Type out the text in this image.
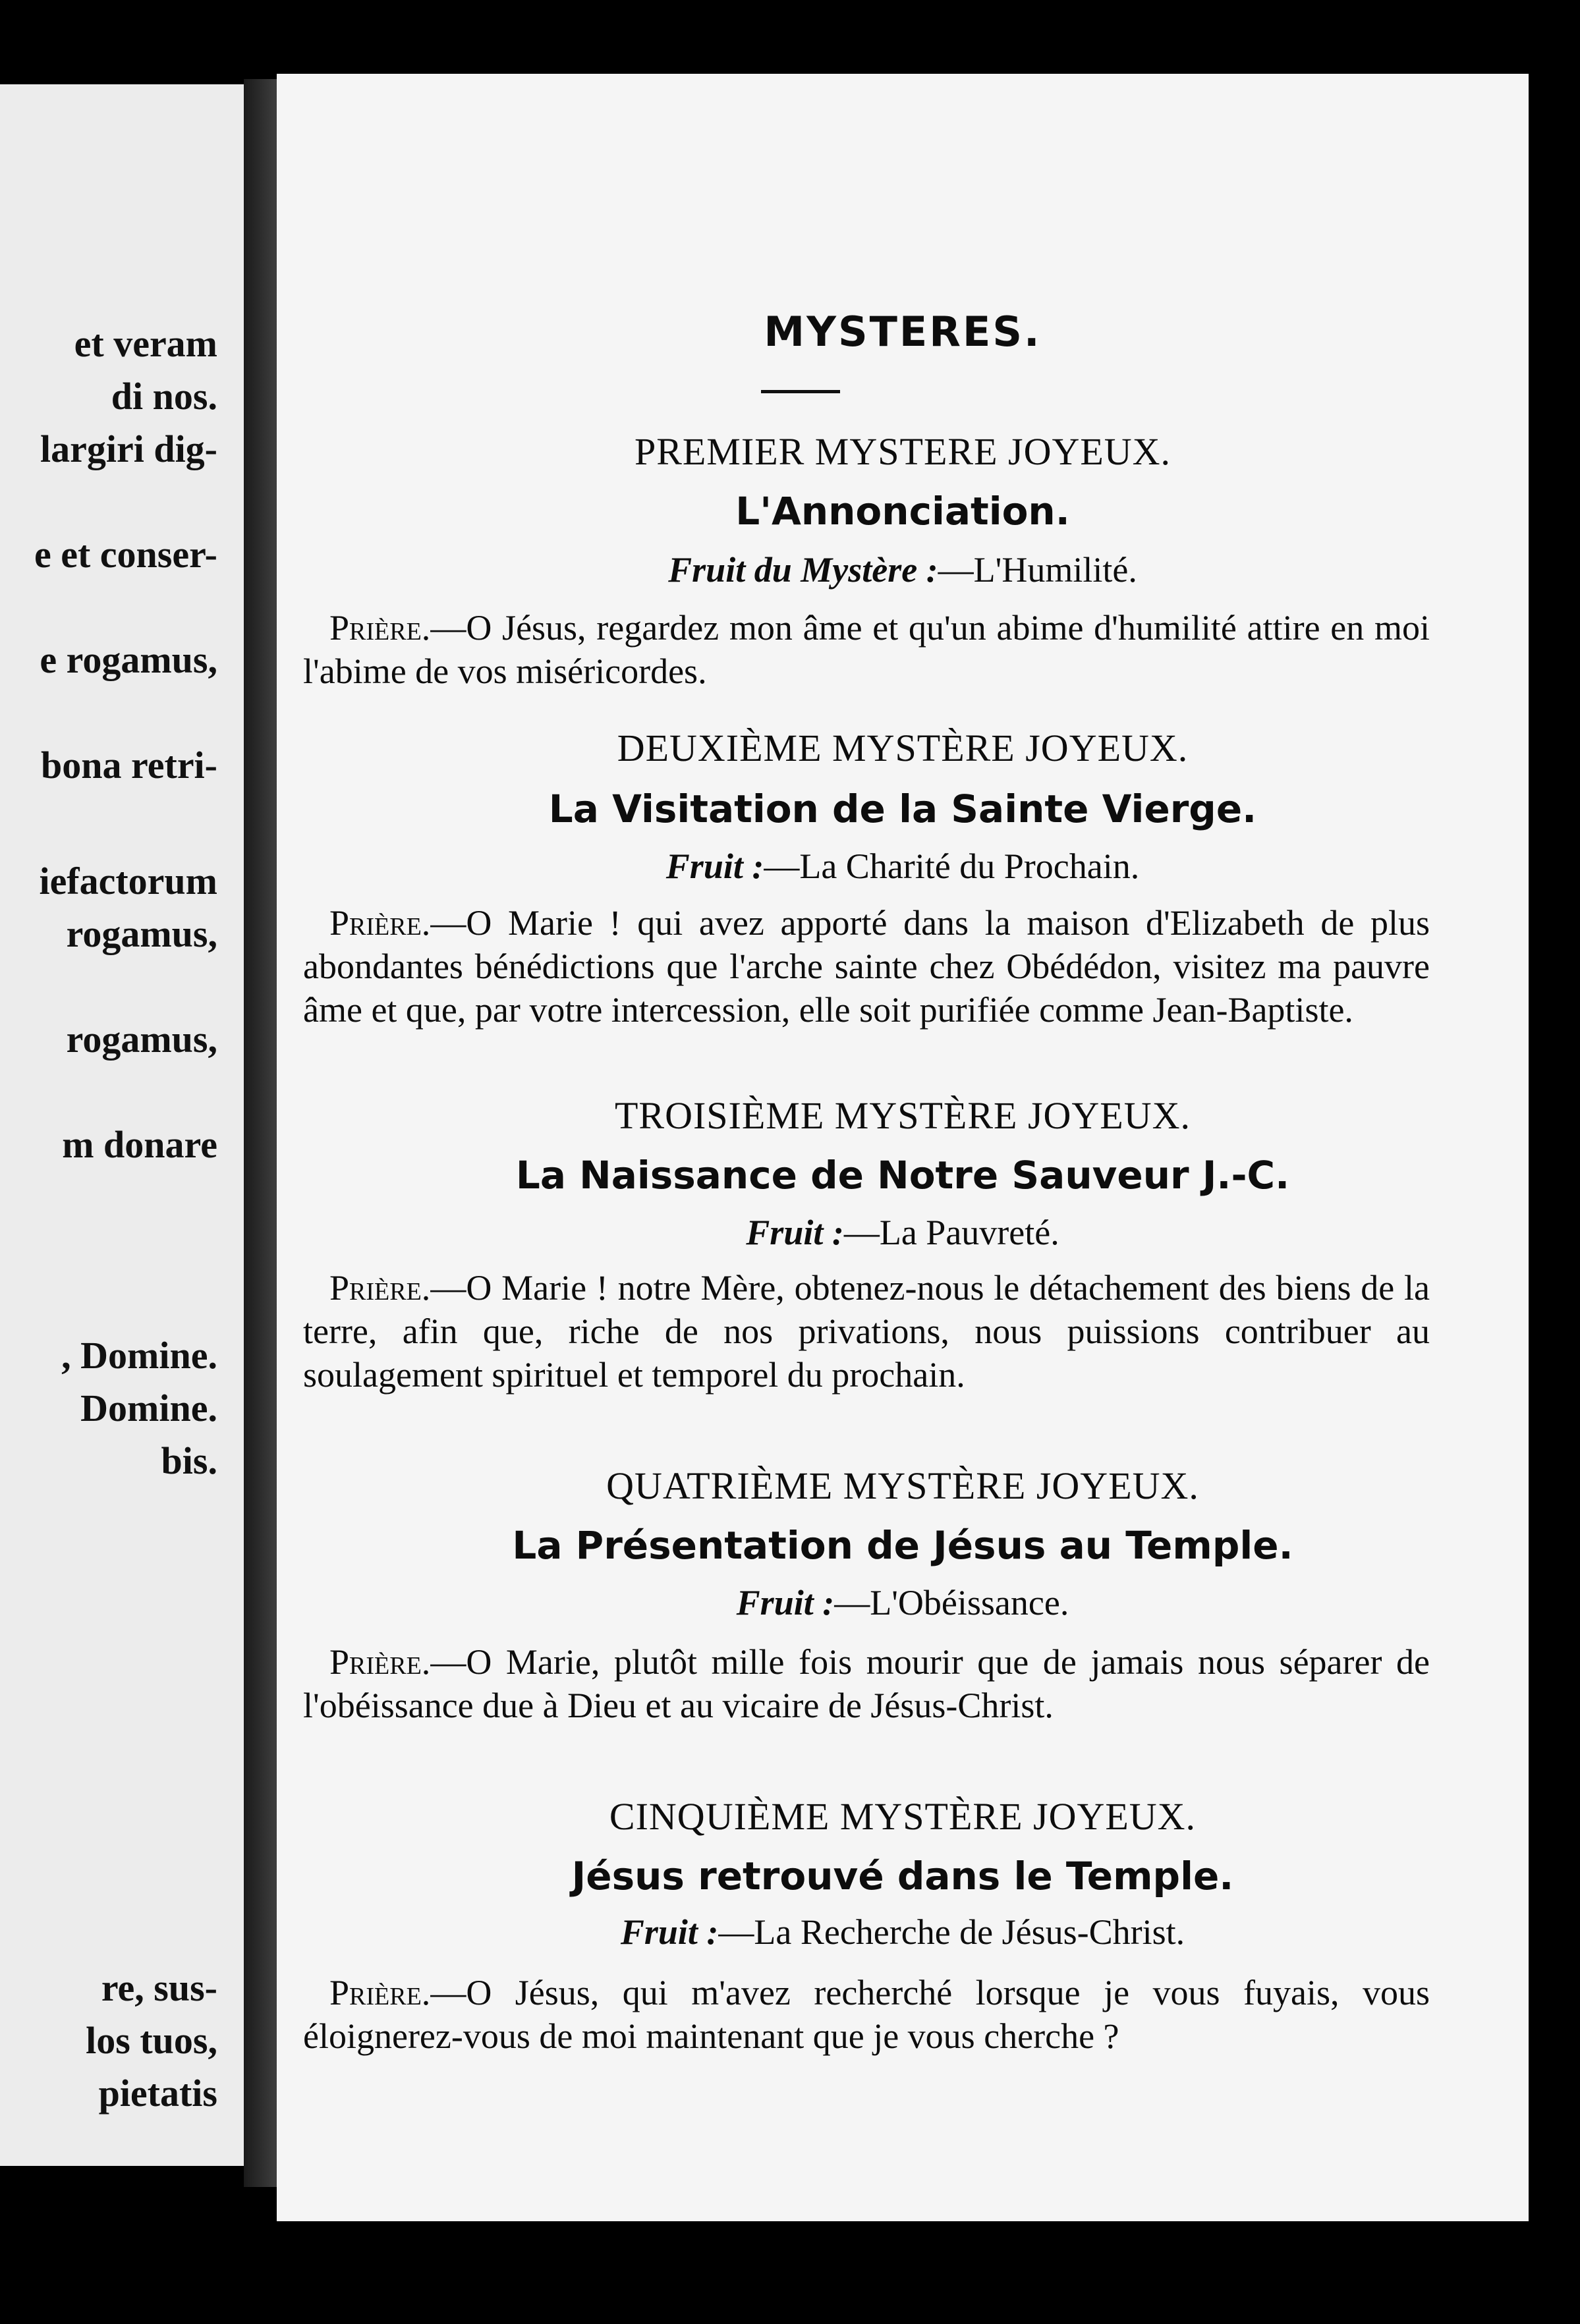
et veram
di nos.
largiri dig-
e et conser-
e rogamus,
bona retri-
iefactorum
rogamus,
rogamus,
m donare
, Domine.
Domine.
bis.
re, sus-
los tuos,
pietatis
MYSTERES.
PREMIER MYSTERE JOYEUX.
L'Annonciation.
Fruit du Mystère :—L'Humilité.

Prière.—O Jésus, regardez mon âme et qu'un abime d'humilité attire en moi l'abime de vos miséricordes.

DEUXIÈME MYSTÈRE JOYEUX.
La Visitation de la Sainte Vierge.
Fruit :—La Charité du Prochain.

Prière.—O Marie ! qui avez apporté dans la maison d'Elizabeth de plus abondantes bénédictions que l'arche sainte chez Obédédon, visitez ma pauvre âme et que, par votre intercession, elle soit purifiée comme Jean-Baptiste.

TROISIÈME MYSTÈRE JOYEUX.
La Naissance de Notre Sauveur J.-C.
Fruit :—La Pauvreté.

Prière.—O Marie ! notre Mère, obtenez-nous le détachement des biens de la terre, afin que, riche de nos privations, nous puissions contribuer au soulagement spirituel et temporel du prochain.

QUATRIÈME MYSTÈRE JOYEUX.
La Présentation de Jésus au Temple.
Fruit :—L'Obéissance.

Prière.—O Marie, plutôt mille fois mourir que de jamais nous séparer de l'obéissance due à Dieu et au vicaire de Jésus-Christ.

CINQUIÈME MYSTÈRE JOYEUX.
Jésus retrouvé dans le Temple.
Fruit :—La Recherche de Jésus-Christ.

Prière.—O Jésus, qui m'avez recherché lorsque je vous fuyais, vous éloignerez-vous de moi maintenant que je vous cherche ?
